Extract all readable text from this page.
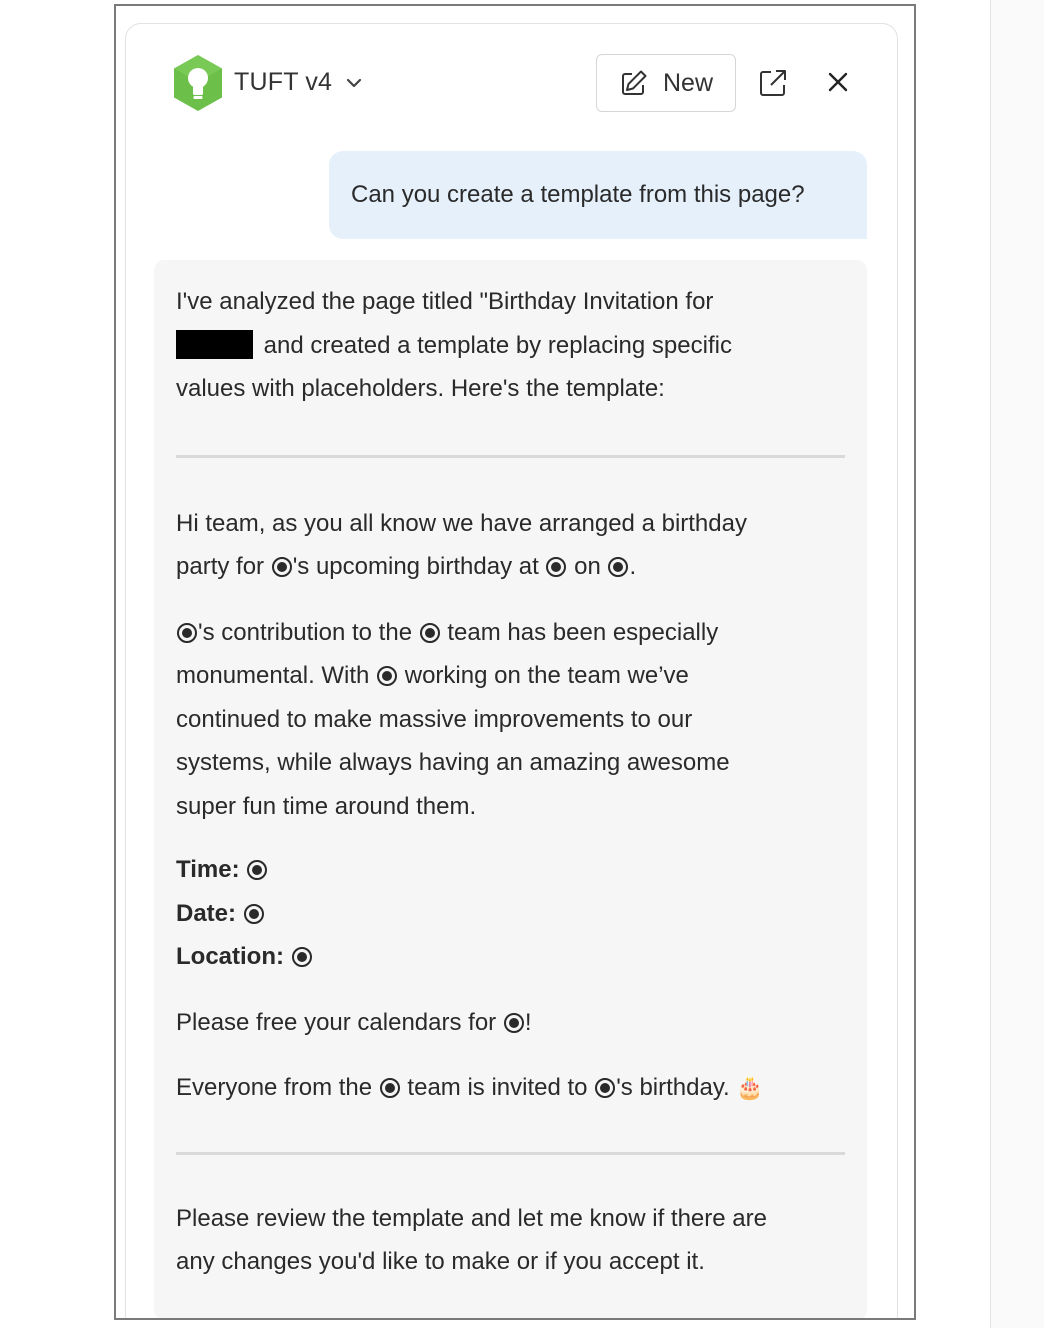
TUFT v4	New
Can you create a template from this page?

I've analyzed the page titled "Birthday Invitation for
and created a template by replacing specific
values with placeholders. Here's the template:

Hi team, as you all know we have arranged a birthday
party for 's upcoming birthday at  on .

's contribution to the  team has been especially
monumental. With  working on the team we’ve
continued to make massive improvements to our
systems, while always having an amazing awesome
super fun time around them.

Time:

Date:

Location:

Please free your calendars for !

Everyone from the  team is invited to 's birthday. 🎂

Please review the template and let me know if there are
any changes you'd like to make or if you accept it.
